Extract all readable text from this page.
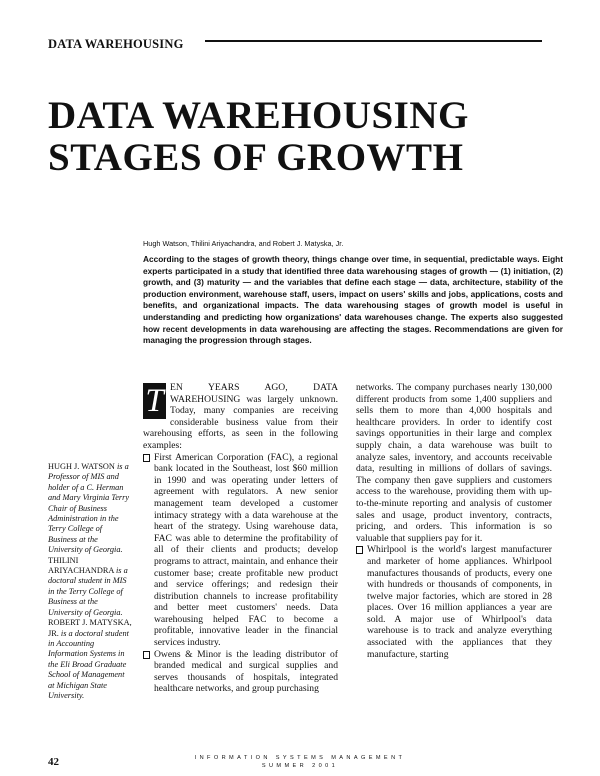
DATA WAREHOUSING
DATA WAREHOUSING
STAGES OF GROWTH
Hugh Watson, Thilini Ariyachandra, and Robert J. Matyska, Jr.
According to the stages of growth theory, things change over time, in sequential, predictable ways. Eight experts participated in a study that identified three data warehousing stages of growth — (1) initiation, (2) growth, and (3) maturity — and the variables that define each stage — data, architecture, stability of the production environment, warehouse staff, users, impact on users' skills and jobs, applications, costs and benefits, and organizational impacts. The data warehousing stages of growth model is useful in understanding and predicting how organizations' data warehouses change. The experts also suggested how recent developments in data warehousing are affecting the stages. Recommendations are given for managing the progression through stages.

T EN YEARS AGO, DATA WAREHOUSING was largely unknown. Today, many companies are receiving considerable business value from their warehousing efforts, as seen in the following examples:

First American Corporation (FAC), a regional bank located in the Southeast, lost $60 million in 1990 and was operating under letters of agreement with regulators. A new senior management team developed a customer intimacy strategy with a data warehouse at the heart of the strategy. Using warehouse data, FAC was able to determine the profitability of all of their clients and products; develop programs to attract, maintain, and enhance their customer base; create profitable new product and service offerings; and redesign their distribution channels to increase profitability and better meet customers' needs. Data warehousing helped FAC to become a profitable, innovative leader in the financial services industry.

Owens & Minor is the leading distributor of branded medical and surgical supplies and serves thousands of hospitals, integrated healthcare networks, and group purchasing

networks. The company purchases nearly 130,000 different products from some 1,400 suppliers and sells them to more than 4,000 hospitals and healthcare providers. In order to identify cost savings opportunities in their large and complex supply chain, a data warehouse was built to analyze sales, inventory, and accounts receivable data, resulting in millions of dollars of savings. The company then gave suppliers and customers access to the warehouse, providing them with up-to-the-minute reporting and analysis of customer sales and usage, product inventory, contracts, pricing, and orders. This information is so valuable that suppliers pay for it.

Whirlpool is the world's largest manufacturer and marketer of home appliances. Whirlpool manufactures thousands of products, every one with hundreds or thousands of components, in twelve major factories, which are stored in 28 places. Over 16 million appliances a year are sold. A major use of Whirlpool's data warehouse is to track and analyze everything associated with the appliances that they manufacture, starting

HUGH J. WATSON is a Professor of MIS and holder of a C. Herman and Mary Virginia Terry Chair of Business Administration in the Terry College of Business at the University of Georgia.

THILINI ARIYACHANDRA is a doctoral student in MIS in the Terry College of Business at the University of Georgia.

ROBERT J. MATYSKA, JR. is a doctoral student in Accounting Information Systems in the Eli Broad Graduate School of Management at Michigan State University.

42	INFORMATION SYSTEMS MANAGEMENT
SUMMER 2001
